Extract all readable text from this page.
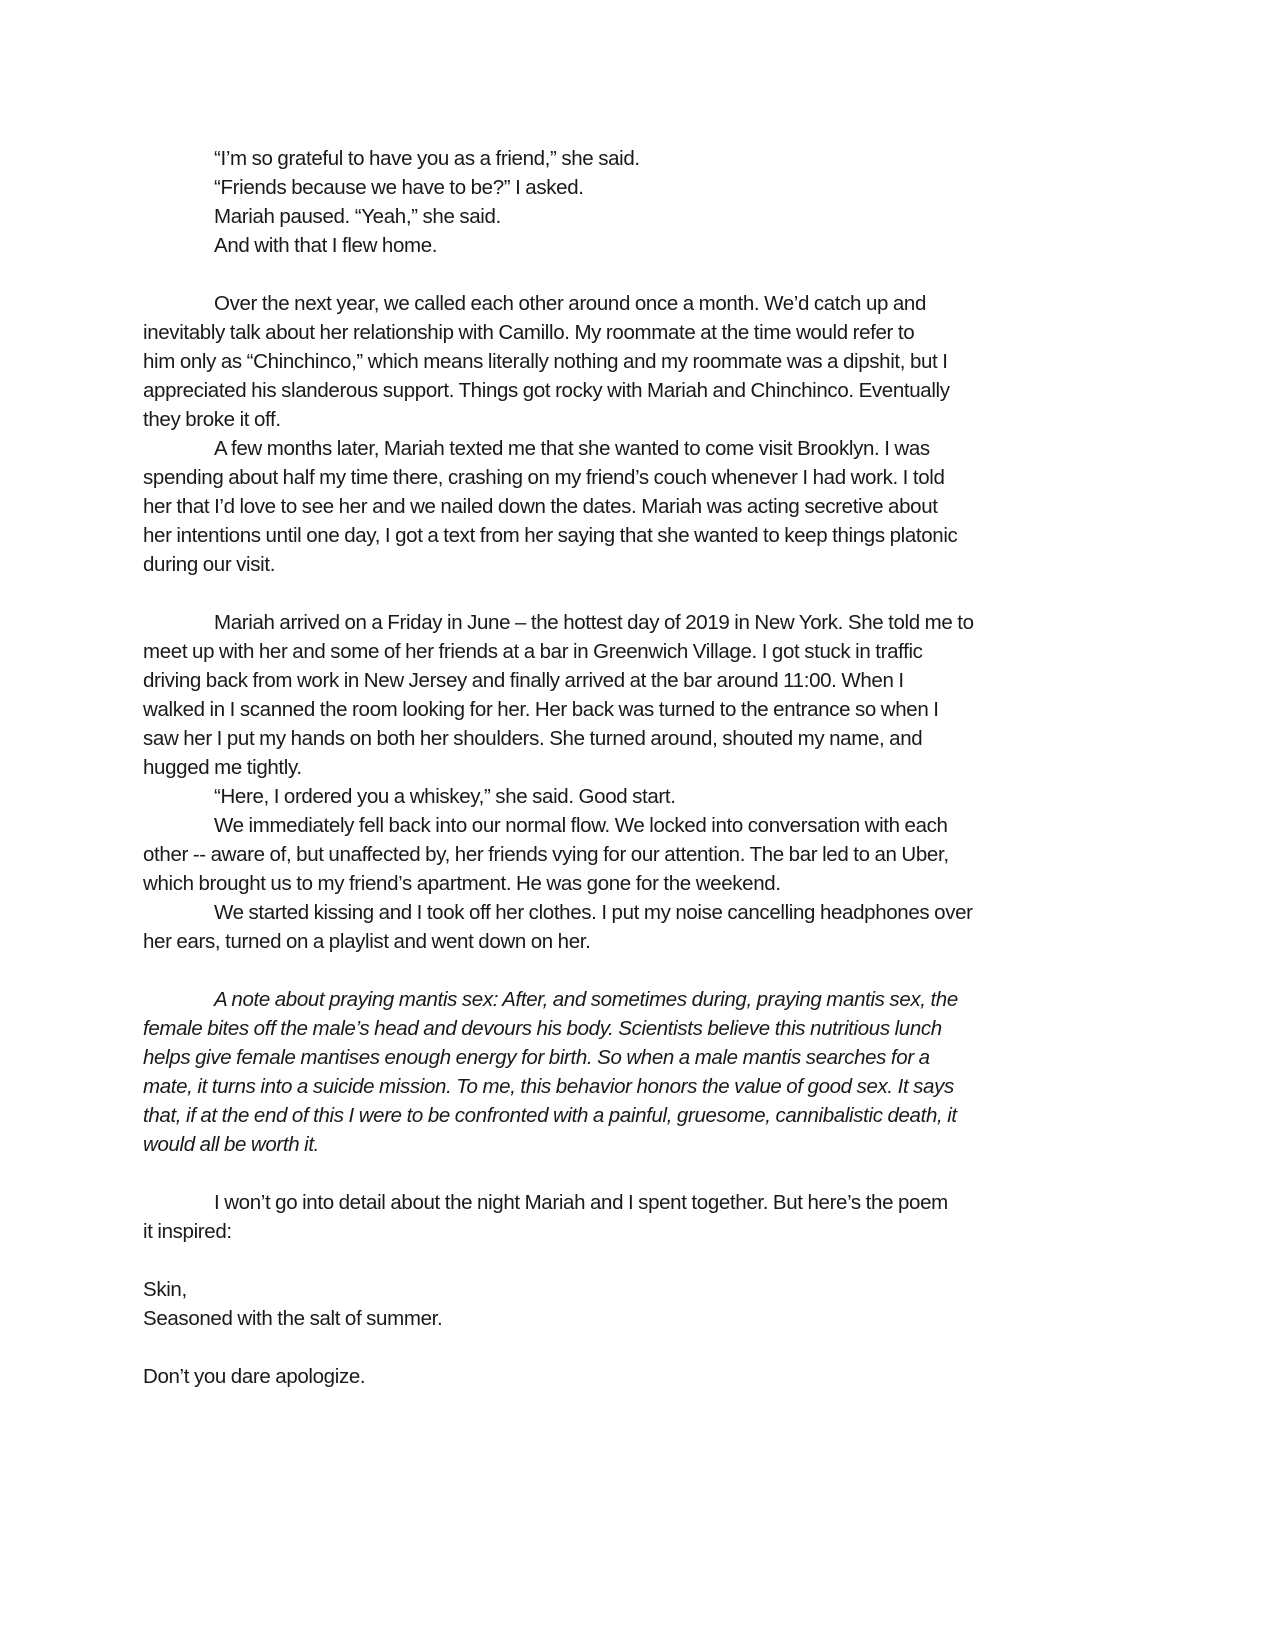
“I’m so grateful to have you as a friend,” she said.
“Friends because we have to be?” I asked.
Mariah paused. “Yeah,” she said.
And with that I flew home.
Over the next year, we called each other around once a month. We’d catch up and
inevitably talk about her relationship with Camillo. My roommate at the time would refer to
him only as “Chinchinco,” which means literally nothing and my roommate was a dipshit, but I
appreciated his slanderous support. Things got rocky with Mariah and Chinchinco. Eventually
they broke it off.
A few months later, Mariah texted me that she wanted to come visit Brooklyn. I was
spending about half my time there, crashing on my friend’s couch whenever I had work. I told
her that I’d love to see her and we nailed down the dates. Mariah was acting secretive about
her intentions until one day, I got a text from her saying that she wanted to keep things platonic
during our visit.
Mariah arrived on a Friday in June – the hottest day of 2019 in New York. She told me to
meet up with her and some of her friends at a bar in Greenwich Village. I got stuck in traffic
driving back from work in New Jersey and finally arrived at the bar around 11:00. When I
walked in I scanned the room looking for her. Her back was turned to the entrance so when I
saw her I put my hands on both her shoulders. She turned around, shouted my name, and
hugged me tightly.
“Here, I ordered you a whiskey,” she said. Good start.
We immediately fell back into our normal flow. We locked into conversation with each
other -- aware of, but unaffected by, her friends vying for our attention. The bar led to an Uber,
which brought us to my friend’s apartment. He was gone for the weekend.
We started kissing and I took off her clothes. I put my noise cancelling headphones over
her ears, turned on a playlist and went down on her.
A note about praying mantis sex: After, and sometimes during, praying mantis sex, the
female bites off the male’s head and devours his body. Scientists believe this nutritious lunch
helps give female mantises enough energy for birth. So when a male mantis searches for a
mate, it turns into a suicide mission. To me, this behavior honors the value of good sex. It says
that, if at the end of this I were to be confronted with a painful, gruesome, cannibalistic death, it
would all be worth it.
I won’t go into detail about the night Mariah and I spent together. But here’s the poem
it inspired:
Skin,
Seasoned with the salt of summer.
Don’t you dare apologize.
